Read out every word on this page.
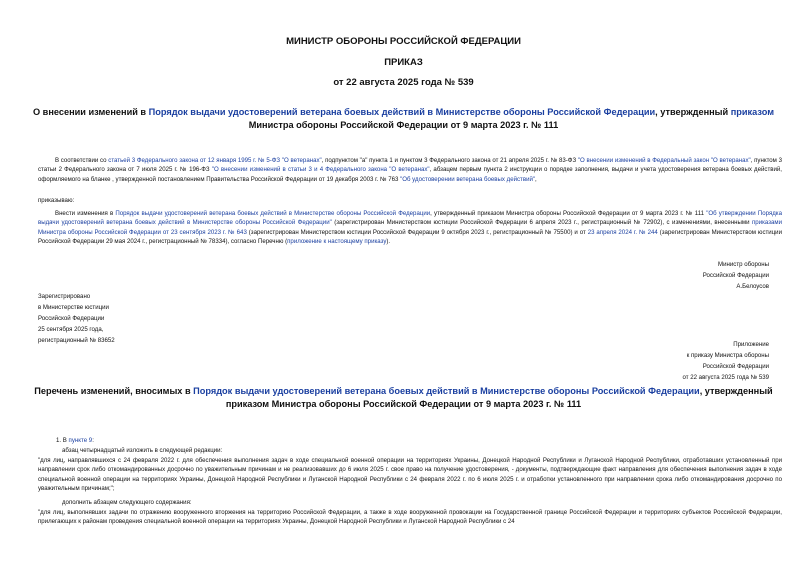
МИНИСТР ОБОРОНЫ РОССИЙСКОЙ ФЕДЕРАЦИИ
ПРИКАЗ
от 22 августа 2025 года № 539
О внесении изменений в Порядок выдачи удостоверений ветерана боевых действий в Министерстве обороны Российской Федерации, утвержденный приказом Министра обороны Российской Федерации от 9 марта 2023 г. № 111
В соответствии со статьей 3 Федерального закона от 12 января 1995 г. № 5-ФЗ "О ветеранах", подпунктом "а" пункта 1 и пунктом 3 Федерального закона от 21 апреля 2025 г. № 83-ФЗ "О внесении изменений в Федеральный закон "О ветеранах", пунктом 3 статьи 2 Федерального закона от 7 июля 2025 г. № 196-ФЗ "О внесении изменений в статьи 3 и 4 Федерального закона "О ветеранах", абзацем первым пункта 2 инструкции о порядке заполнения, выдачи и учета удостоверения ветерана боевых действий, оформляемого на бланке , утвержденной постановлением Правительства Российской Федерации от 19 декабря 2003 г. № 763 "Об удостоверении ветерана боевых действий",
приказываю:
Внести изменения в Порядок выдачи удостоверений ветерана боевых действий в Министерстве обороны Российской Федерации, утвержденный приказом Министра обороны Российской Федерации от 9 марта 2023 г. № 111 "Об утверждении Порядка выдачи удостоверений ветерана боевых действий в Министерстве обороны Российской Федерации" (зарегистрирован Министерством юстиции Российской Федерации 6 апреля 2023 г., регистрационный № 72902), с изменениями, внесенными приказами Министра обороны Российской Федерации от 23 сентября 2023 г. № 643 (зарегистрирован Министерством юстиции Российской Федерации 9 октября 2023 г., регистрационный № 75500) и от 23 апреля 2024 г. № 244 (зарегистрирован Министерством юстиции Российской Федерации 29 мая 2024 г., регистрационный № 78334), согласно Перечню (приложение к настоящему приказу).
Министр обороны
Российской Федерации
А.Белоусов
Зарегистрировано
в Министерстве юстиции
Российской Федерации
25 сентября 2025 года,
регистрационный № 83652
Приложение
к приказу Министра обороны
Российской Федерации
от 22 августа 2025 года № 539
Перечень изменений, вносимых в Порядок выдачи удостоверений ветерана боевых действий в Министерстве обороны Российской Федерации, утвержденный приказом Министра обороны Российской Федерации от 9 марта 2023 г. № 111
1. В пункте 9:
абзац четырнадцатый изложить в следующей редакции:
"для лиц, направлявшихся с 24 февраля 2022 г. для обеспечения выполнения задач в ходе специальной военной операции на территориях Украины, Донецкой Народной Республики и Луганской Народной Республики, отработавших установленный при направлении срок либо откомандированных досрочно по уважительным причинам и не реализовавших до 6 июля 2025 г. свое право на получение удостоверения, - документы, подтверждающие факт направления для обеспечения выполнения задач в ходе специальной военной операции на территориях Украины, Донецкой Народной Республики и Луганской Народной Республики с 24 февраля 2022 г. по 6 июля 2025 г. и отработки установленного при направлении срока либо откомандирования досрочно по уважительным причинам;";
дополнить абзацем следующего содержания:
"для лиц, выполнявших задачи по отражению вооруженного вторжения на территорию Российской Федерации, а также в ходе вооруженной провокации на Государственной границе Российской Федерации и территориях субъектов Российской Федерации, прилегающих к районам проведения специальной военной операции на территориях Украины, Донецкой Народной Республики и Луганской Народной Республики с 24
